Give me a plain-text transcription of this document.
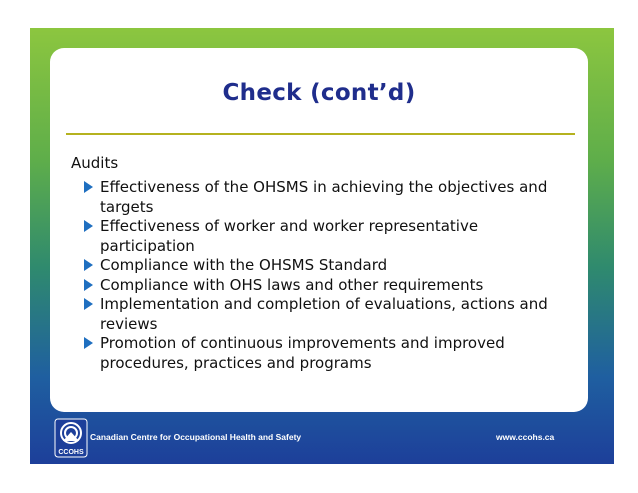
Check (cont’d)
Audits
Effectiveness of the OHSMS in achieving the objectives and targets
Effectiveness of worker and worker representative participation
Compliance with the OHSMS Standard
Compliance with OHS laws and other requirements
Implementation and completion of evaluations, actions and reviews
Promotion of continuous improvements and improved procedures, practices and programs
CCOHS
Canadian Centre for Occupational Health and Safety	www.ccohs.ca
